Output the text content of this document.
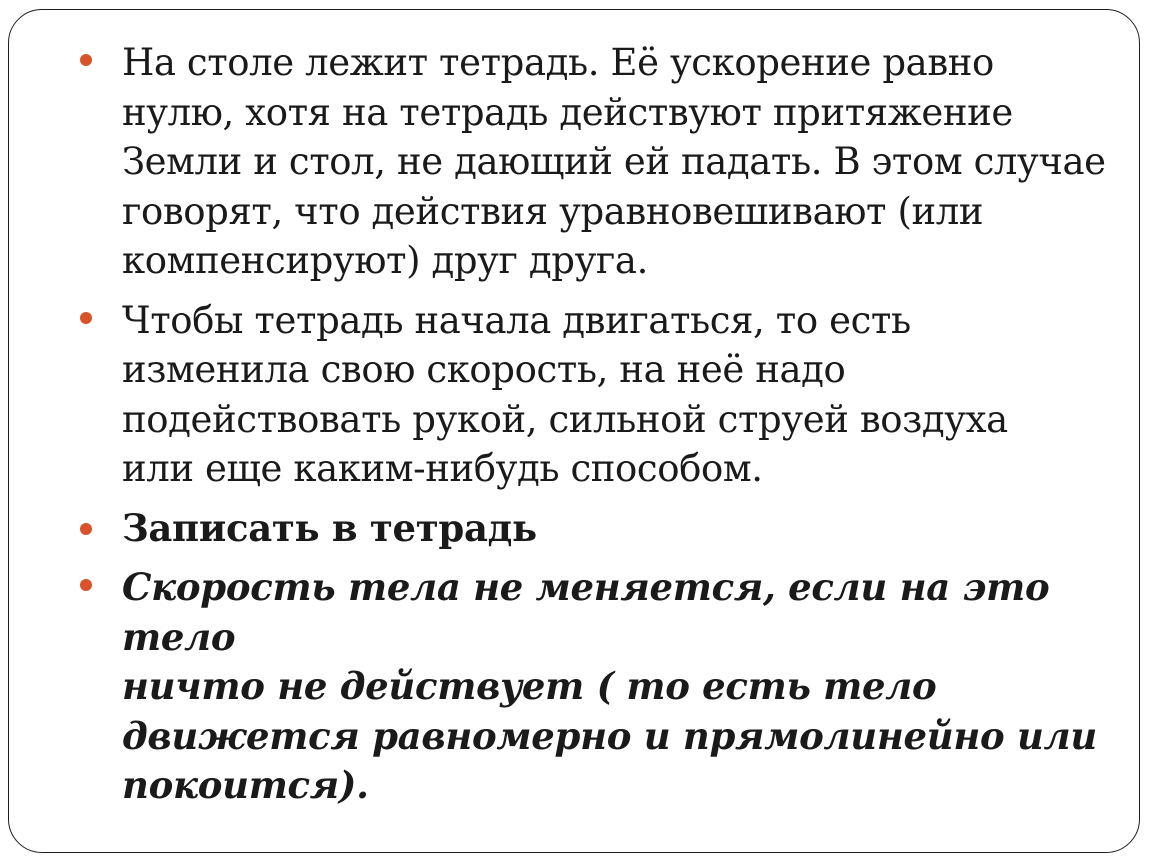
На столе лежит тетрадь. Её ускорение равно
нулю, хотя на тетрадь действуют притяжение
Земли и стол, не дающий ей падать. В этом случае
говорят, что действия уравновешивают (или
компенсируют) друг друга.
Чтобы тетрадь начала двигаться, то есть
изменила свою скорость, на неё надо
подействовать рукой, сильной струей воздуха
или еще каким-нибудь способом.
Записать в тетрадь
Скорость тела не меняется, если на это тело
ничто не действует ( то есть тело
движется равномерно и прямолинейно или
покоится).
